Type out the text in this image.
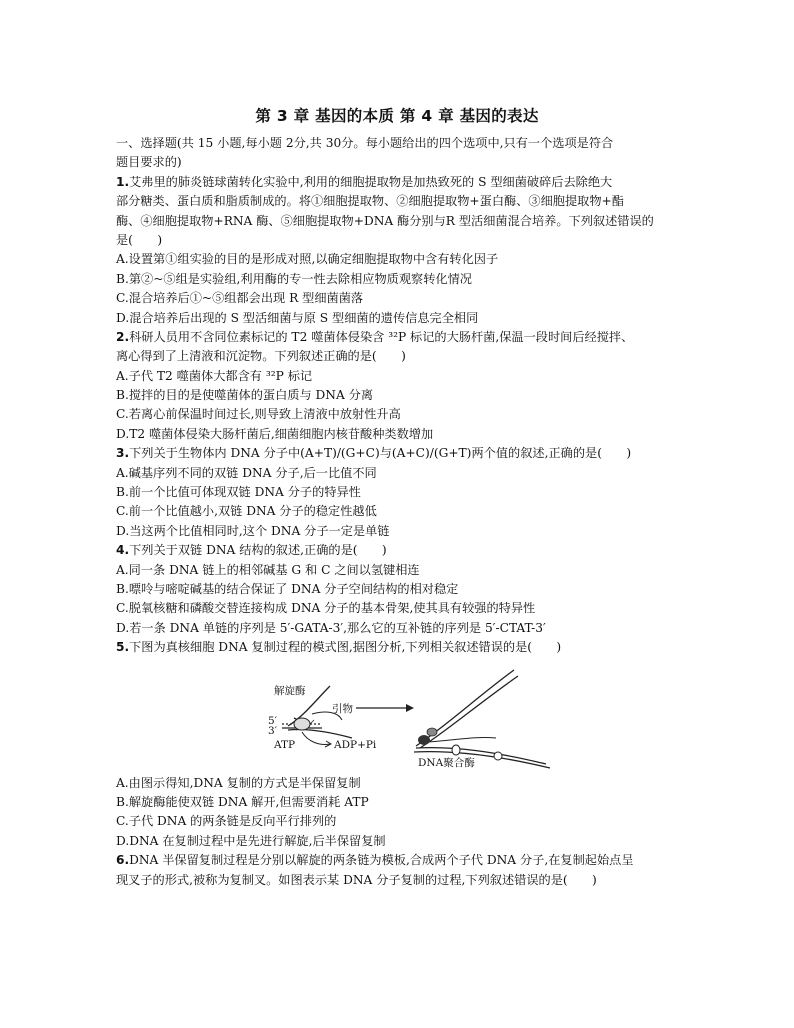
第 3 章 基因的本质 第 4 章 基因的表达
一、选择题(共 15 小题,每小题 2分,共 30分。每小题给出的四个选项中,只有一个选项是符合
题目要求的)
1.艾弗里的肺炎链球菌转化实验中,利用的细胞提取物是加热致死的 S 型细菌破碎后去除绝大
部分糖类、蛋白质和脂质制成的。将①细胞提取物、②细胞提取物+蛋白酶、③细胞提取物+酯
酶、④细胞提取物+RNA 酶、⑤细胞提取物+DNA 酶分别与R 型活细菌混合培养。下列叙述错误的
是(　　)
A.设置第①组实验的目的是形成对照,以确定细胞提取物中含有转化因子
B.第②~⑤组是实验组,利用酶的专一性去除相应物质观察转化情况
C.混合培养后①~⑤组都会出现 R 型细菌菌落
D.混合培养后出现的 S 型活细菌与原 S 型细菌的遗传信息完全相同
2.科研人员用不含同位素标记的 T2 噬菌体侵染含 ³²P 标记的大肠杆菌,保温一段时间后经搅拌、
离心得到了上清液和沉淀物。下列叙述正确的是(　　)
A.子代 T2 噬菌体大都含有 ³²P 标记
B.搅拌的目的是使噬菌体的蛋白质与 DNA 分离
C.若离心前保温时间过长,则导致上清液中放射性升高
D.T2 噬菌体侵染大肠杆菌后,细菌细胞内核苷酸种类数增加
3.下列关于生物体内 DNA 分子中(A+T)/(G+C)与(A+C)/(G+T)两个值的叙述,正确的是(　　)
A.碱基序列不同的双链 DNA 分子,后一比值不同
B.前一个比值可体现双链 DNA 分子的特异性
C.前一个比值越小,双链 DNA 分子的稳定性越低
D.当这两个比值相同时,这个 DNA 分子一定是单链
4.下列关于双链 DNA 结构的叙述,正确的是(　　)
A.同一条 DNA 链上的相邻碱基 G 和 C 之间以氢键相连
B.嘌呤与嘧啶碱基的结合保证了 DNA 分子空间结构的相对稳定
C.脱氧核糖和磷酸交替连接构成 DNA 分子的基本骨架,使其具有较强的特异性
D.若一条 DNA 单链的序列是 5′-GATA-3′,那么它的互补链的序列是 5′-CTAT-3′
5.下图为真核细胞 DNA 复制过程的模式图,据图分析,下列相关叙述错误的是(　　)
解旋酶
引物
5′
3′
ATP	ADP+Pi
DNA聚合酶
A.由图示得知,DNA 复制的方式是半保留复制
B.解旋酶能使双链 DNA 解开,但需要消耗 ATP
C.子代 DNA 的两条链是反向平行排列的
D.DNA 在复制过程中是先进行解旋,后半保留复制
6.DNA 半保留复制过程是分别以解旋的两条链为模板,合成两个子代 DNA 分子,在复制起始点呈
现叉子的形式,被称为复制叉。如图表示某 DNA 分子复制的过程,下列叙述错误的是(　　)
